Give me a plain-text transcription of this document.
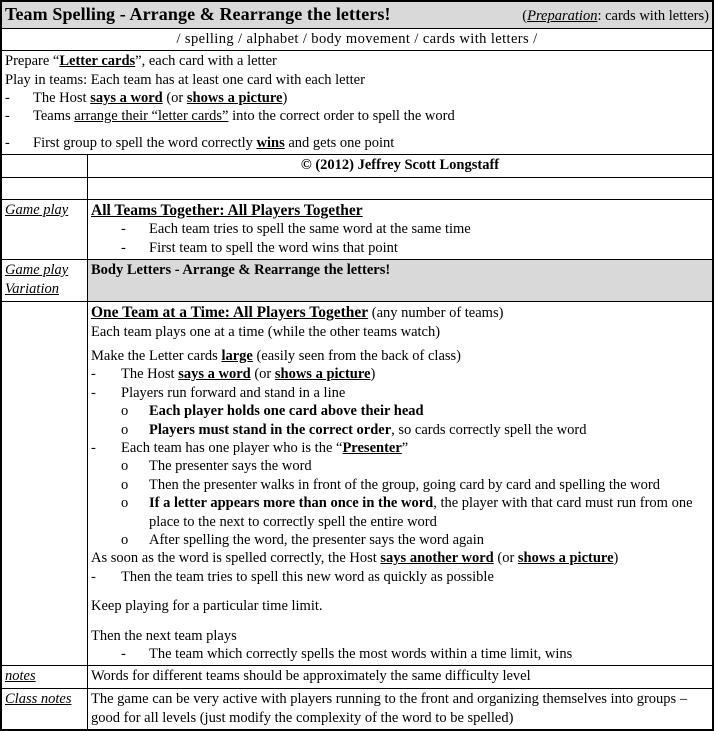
Team Spelling - Arrange & Rearrange the letters! (Preparation: cards with letters)	

/ spelling / alphabet / body movement / cards with letters /	

Prepare “Letter cards”, each card with a letter

Play in teams: Each team has at least one card with each letter

-	The Host says a word (or shows a picture)
-	Teams arrange their “letter cards” into the correct order to spell the word
-	First group to spell the word correctly wins and gets one point

	© (2012) Jeffrey Scott Longstaff

Game play	All Teams Together: All Players Together
- Each team tries to spell the same word at the same time
- First team to spell the word wins that point

Game play
Variation	Body Letters - Arrange & Rearrange the letters!

One Team at a Time: All Players Together (any number of teams)

Each team plays one at a time (while the other teams watch)

Make the Letter cards large (easily seen from the back of class)

-	The Host says a word (or shows a picture)
-	Players run forward and stand in a line
o	Each player holds one card above their head
o	Players must stand in the correct order, so cards correctly spell the word
-	Each team has one player who is the “Presenter”
o	The presenter says the word
o	Then the presenter walks in front of the group, going card by card and spelling the word
o	If a letter appears more than once in the word, the player with that card must run from one place to the next to correctly spell the entire word
o	After spelling the word, the presenter says the word again

As soon as the word is spelled correctly, the Host says another word (or shows a picture)

-	Then the team tries to spell this new word as quickly as possible

Keep playing for a particular time limit.

Then the next team plays

-	The team which correctly spells the most words within a time limit, wins

notes	Words for different teams should be approximately the same difficulty level

Class notes	The game can be very active with players running to the front and organizing themselves into groups – good for all levels (just modify the complexity of the word to be spelled)
